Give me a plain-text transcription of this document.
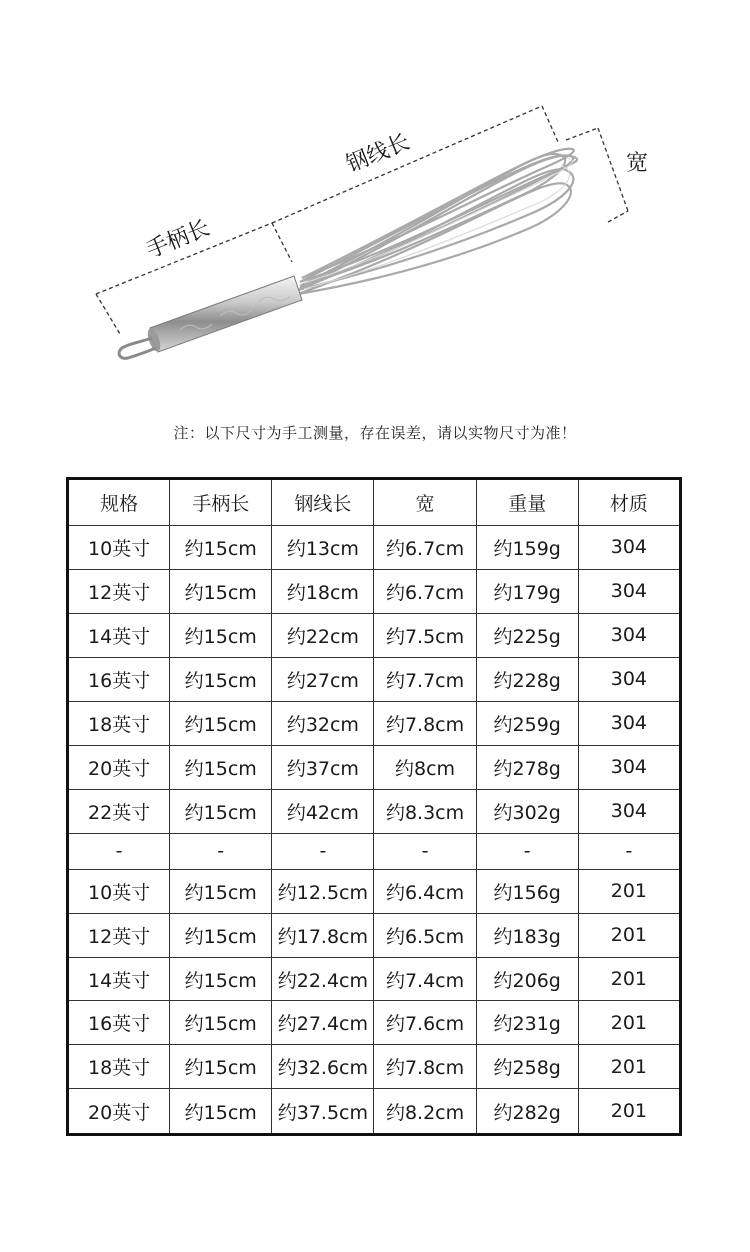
手柄长
钢线长	宽
注：以下尺寸为手工测量，存在误差，请以实物尺寸为准！
规格	手柄长	钢线长	宽	重量	材质
10英寸	约15cm	约13cm	约6.7cm	约159g	304
12英寸	约15cm	约18cm	约6.7cm	约179g	304
14英寸	约15cm	约22cm	约7.5cm	约225g	304
16英寸	约15cm	约27cm	约7.7cm	约228g	304
18英寸	约15cm	约32cm	约7.8cm	约259g	304
20英寸	约15cm	约37cm	约8cm	约278g	304
22英寸	约15cm	约42cm	约8.3cm	约302g	304
-	-	-	-	-	-
10英寸	约15cm	约12.5cm	约6.4cm	约156g	201
12英寸	约15cm	约17.8cm	约6.5cm	约183g	201
14英寸	约15cm	约22.4cm	约7.4cm	约206g	201
16英寸	约15cm	约27.4cm	约7.6cm	约231g	201
18英寸	约15cm	约32.6cm	约7.8cm	约258g	201
20英寸	约15cm	约37.5cm	约8.2cm	约282g	201
